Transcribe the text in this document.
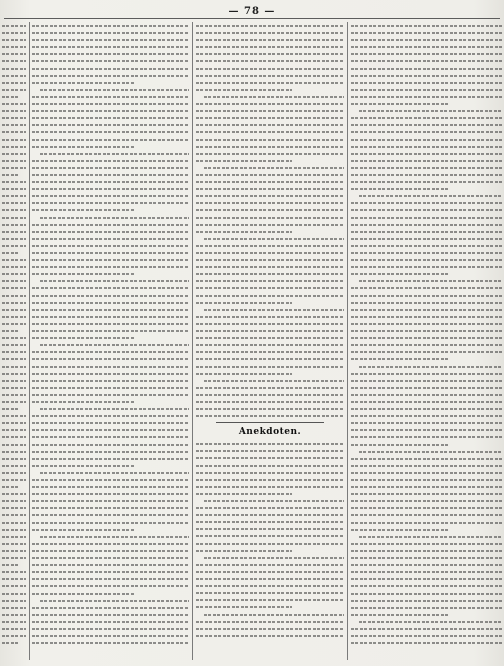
— 78 —
Anekdoten.
